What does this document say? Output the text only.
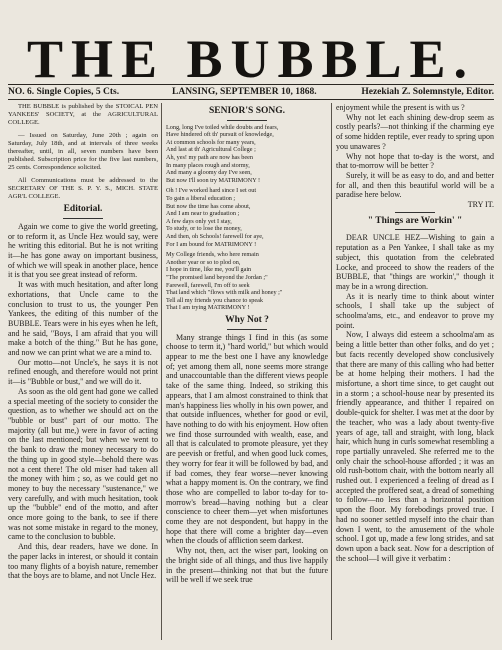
THE BUBBLE.
NO. 6. Single Copies, 5 Cts.	LANSING, SEPTEMBER 10, 1868.	Hezekiah Z. Solemnstyle, Editor.

THE BUBBLE is published by the STOICAL PEN YANKEES' SOCIETY, at the AGRICULTURAL COLLEGE.

— Issued on Saturday, June 20th ; again on Saturday, July 18th, and at intervals of three weeks thereafter, until, in all, seven numbers have been published. Subscription price for the five last numbers, 25 cents. Correspondence solicited.

All Communications must be addressed to the SECRETARY OF THE S. P. Y. S., MICH. STATE AGR'L COLLEGE.

Editorial.

Again we come to give the world greeting, or to reform it, as Uncle Hez would say, were he writing this editorial. But he is not writing it—he has gone away on important business, of which we will speak in another place, hence it is that you see great instead of reform.

It was with much hesitation, and after long exhortations, that Uncle came to the conclusion to trust to us, the younger Pen Yankees, the editing of this number of the BUBBLE. Tears were in his eyes when he left, and he said, "Boys, I am afraid that you will make a botch of the thing." But he has gone, and now we can print what we are a mind to.

Our motto—not Uncle's, he says it is not refined enough, and therefore would not print it—is "Bubble or bust," and we will do it.

As soon as the old gent had gone we called a special meeting of the society to consider the question, as to whether we should act on the "bubble or bust" part of our motto. The majority (all but me,) were in favor of acting on the last mentioned; but when we went to the bank to draw the money necessary to do the thing up in good style—behold there was not a cent there! The old miser had taken all the money with him ; so, as we could get no money to buy the necessary "sustenance," we very carefully, and with much hesitation, took up the "bubble" end of the motto, and after once more going to the bank, to see if there was not some mistake in regard to the money, came to the conclusion to bubble.

And this, dear readers, have we done. In the paper lacks in interest, or should it contain too many flights of a boyish nature, remember that the boys are to blame, and not Uncle Hez.

SENIOR'S SONG.
Long, long I've toiled while doubts and fears,
Have hindered oft th' pursuit of knowledge,
At common schools for many years,
And last at th' Agricultural College ;
Ah, yes! my path are now has been
In many places rough and stormy,
And many a gloomy day I've seen,
But now I'll soon try MATRIMONY !
Oh ! I've worked hard since I set out
To gain a liberal education ;
But now the time has come about,
And I am near to graduation ;
A few days only yet I stay,
To study, or to lose the money,
And then, oh Schools! farewell for aye,
For I am bound for MATRIMONY !
My College friends, who here remain
Another year or so to plod on,
I hope in time, like me, you'll gain
"The promised land beyond the Jordan ;"
Farewell, farewell, I'm off to seek
That land which "flows with milk and honey ;"
Tell all my friends you chance to speak
That I am trying MATRIMONY !
Why Not ?

Many strange things I find in this (as some choose to term it,) "hard world," but which would appear to me the best one I have any knowledge of; yet among them all, none seems more strange and unaccountable than the different views people take of the same thing. Indeed, so striking this appears, that I am almost constrained to think that man's happiness lies wholly in his own power, and that outside influences, whether for good or evil, have nothing to do with his enjoyment. How often we find those surrounded with wealth, ease, and all that is calculated to promote pleasure, yet they are peevish or fretful, and when good luck comes, they worry for fear it will be followed by bad, and if bad comes, they fear worse—never knowing what a happy moment is. On the contrary, we find those who are compelled to labor to-day for to-morrow's bread—having nothing but a clear conscience to cheer them—yet when misfortunes come they are not despondent, but happy in the hope that there will come a brighter day—even when the clouds of affliction seem darkest.

Why not, then, act the wiser part, looking on the bright side of all things, and thus live happily in the present—thinking not that but the future will be well if we seek true

enjoyment while the present is with us ?

Why not let each shining dew-drop seem as costly pearls?—not thinking if the charming eye of some hidden reptile, ever ready to spring upon you unawares ?

Why not hope that to-day is the worst, and that to-morrow will be better ?

Surely, it will be as easy to do, and and better for all, and then this beautiful world will be a paradise here below.

TRY IT.

" Things are Workin' "

DEAR UNCLE HEZ—Wishing to gain a reputation as a Pen Yankee, I shall take as my subject, this quotation from the celebrated Locke, and proceed to show the readers of the BUBBLE, that "things are workin'," though it may be in a wrong direction.

As it is nearly time to think about winter schools, I shall take up the subject of schoolma'ams, etc., and endeavor to prove my point.

Now, I always did esteem a schoolma'am as being a little better than other folks, and do yet ; but facts recently developed show conclusively that there are many of this calling who had better be at home helping their mothers. I had the misfortune, a short time since, to get caught out in a storm ; a school-house near by presented its friendly appearance, and thither I repaired on double-quick for shelter. I was met at the door by the teacher, who was a lady about twenty-five years of age, tall and straight, with long, black hair, which hung in curls somewhat resembling a rope partially unraveled. She referred me to the only chair the school-house afforded ; it was an old rush-bottom chair, with the bottom nearly all rushed out. I experienced a feeling of dread as I accepted the proffered seat, a dread of something to follow—no less than a horizontal position upon the floor. My forebodings proved true. I had no sooner settled myself into the chair than down I went, to the amusement of the whole school. I got up, made a few long strides, and sat down upon a back seat. Now for a description of the school—I will give it verbatim :
